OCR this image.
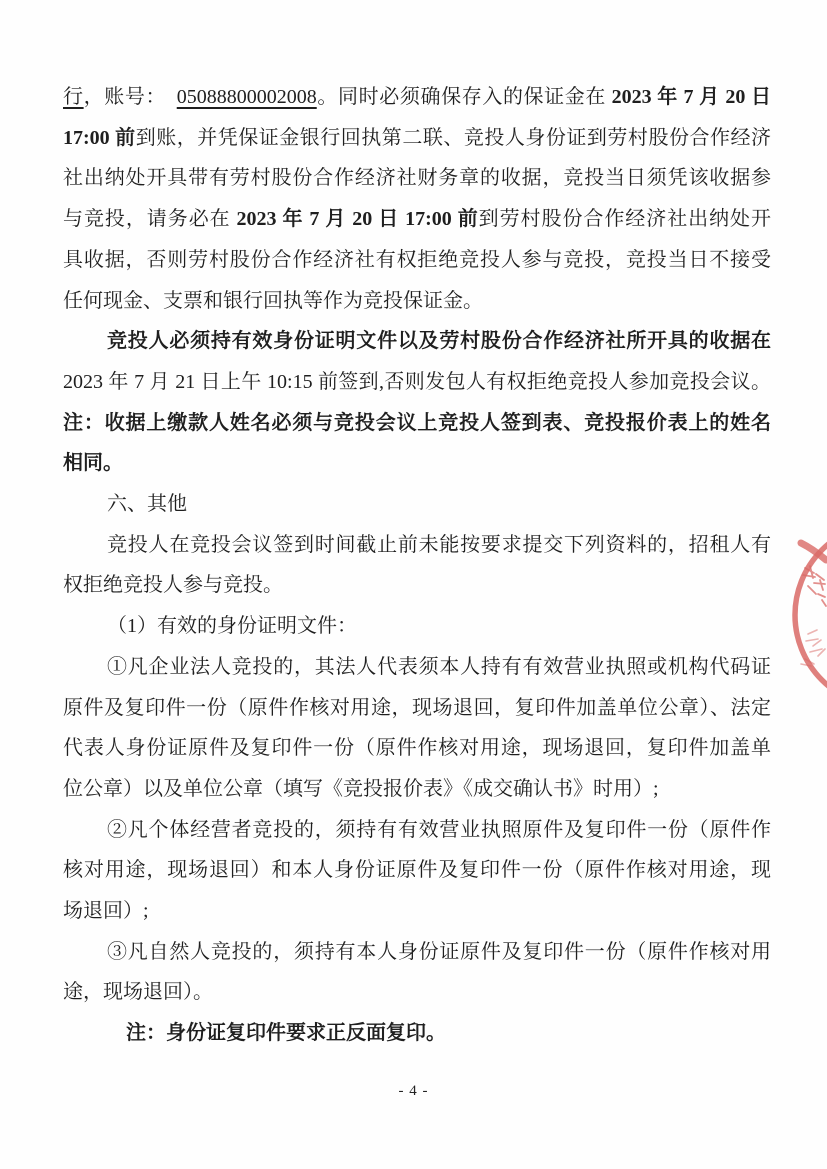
行，账号：　05088800002008。同时必须确保存入的保证金在 2023 年 7 月 20 日
17:00 前到账，并凭保证金银行回执第二联、竞投人身份证到劳村股份合作经济
社出纳处开具带有劳村股份合作经济社财务章的收据，竞投当日须凭该收据参
与竞投，请务必在 2023 年 7 月 20 日 17:00 前到劳村股份合作经济社出纳处开
具收据，否则劳村股份合作经济社有权拒绝竞投人参与竞投，竞投当日不接受
任何现金、支票和银行回执等作为竞投保证金。
竞投人必须持有效身份证明文件以及劳村股份合作经济社所开具的收据在
2023 年 7 月 21 日上午 10:15 前签到,否则发包人有权拒绝竞投人参加竞投会议。
注：收据上缴款人姓名必须与竞投会议上竞投人签到表、竞投报价表上的姓名
相同。
六、其他
竞投人在竞投会议签到时间截止前未能按要求提交下列资料的，招租人有
权拒绝竞投人参与竞投。
（1）有效的身份证明文件：
①凡企业法人竞投的，其法人代表须本人持有有效营业执照或机构代码证
原件及复印件一份（原件作核对用途，现场退回，复印件加盖单位公章）、法定
代表人身份证原件及复印件一份（原件作核对用途，现场退回，复印件加盖单
位公章）以及单位公章（填写《竞投报价表》《成交确认书》时用）;
②凡个体经营者竞投的，须持有有效营业执照原件及复印件一份（原件作
核对用途，现场退回）和本人身份证原件及复印件一份（原件作核对用途，现
场退回）;
③凡自然人竞投的，须持有本人身份证原件及复印件一份（原件作核对用
途，现场退回）。
注：身份证复印件要求正反面复印。
- 4 -
